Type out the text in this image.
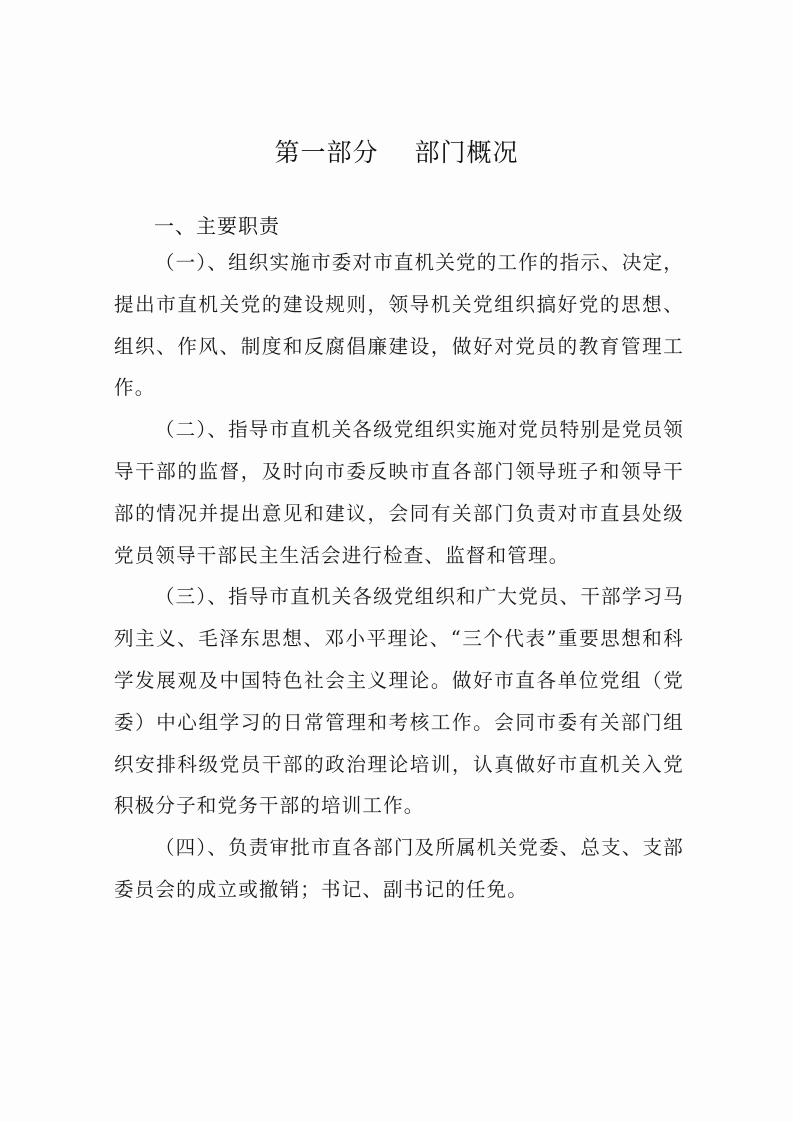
第一部分 部门概况
一、主要职责

（一）、组织实施市委对市直机关党的工作的指示、决定，提出市直机关党的建设规则，领导机关党组织搞好党的思想、组织、作风、制度和反腐倡廉建设，做好对党员的教育管理工作。

（二）、指导市直机关各级党组织实施对党员特别是党员领导干部的监督，及时向市委反映市直各部门领导班子和领导干部的情况并提出意见和建议，会同有关部门负责对市直县处级党员领导干部民主生活会进行检查、监督和管理。

（三）、指导市直机关各级党组织和广大党员、干部学习马列主义、毛泽东思想、邓小平理论、“三个代表”重要思想和科学发展观及中国特色社会主义理论。做好市直各单位党组（党委）中心组学习的日常管理和考核工作。会同市委有关部门组织安排科级党员干部的政治理论培训，认真做好市直机关入党积极分子和党务干部的培训工作。

（四）、负责审批市直各部门及所属机关党委、总支、支部委员会的成立或撤销；书记、副书记的任免。
